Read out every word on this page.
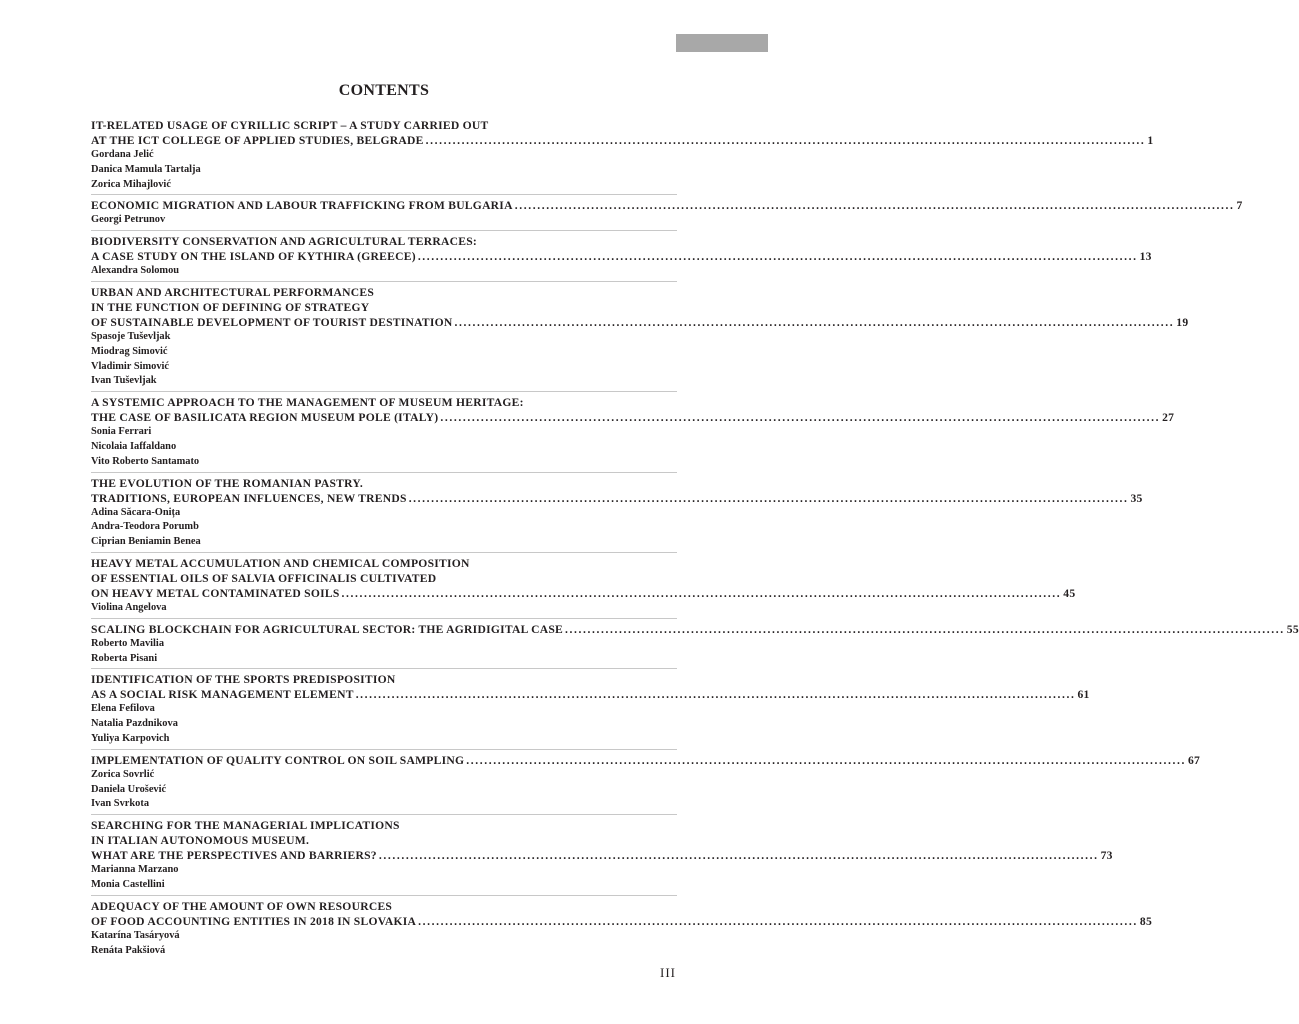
CONTENTS
IT-RELATED USAGE OF CYRILLIC SCRIPT – A STUDY CARRIED OUT
AT THE ICT COLLEGE OF APPLIED STUDIES, BELGRADE ................................................................................................................................................................ 1
Gordana Jelić
Danica Mamula Tartalja
Zorica Mihajlović
ECONOMIC MIGRATION AND LABOUR TRAFFICKING FROM BULGARIA ................................................................................................................................................................ 7
Georgi Petrunov
BIODIVERSITY CONSERVATION AND AGRICULTURAL TERRACES:
A CASE STUDY ON THE ISLAND OF KYTHIRA (GREECE) ................................................................................................................................................................ 13
Alexandra Solomou
URBAN AND ARCHITECTURAL PERFORMANCES
IN THE FUNCTION OF DEFINING OF STRATEGY
OF SUSTAINABLE DEVELOPMENT OF TOURIST DESTINATION ................................................................................................................................................................ 19
Spasoje Tuševljak
Miodrag Simović
Vladimir Simović
Ivan Tuševljak
A SYSTEMIC APPROACH TO THE MANAGEMENT OF MUSEUM HERITAGE:
THE CASE OF BASILICATA REGION MUSEUM POLE (ITALY) ................................................................................................................................................................ 27
Sonia Ferrari
Nicolaia Iaffaldano
Vito Roberto Santamato
THE EVOLUTION OF THE ROMANIAN PASTRY.
TRADITIONS, EUROPEAN INFLUENCES, NEW TRENDS ................................................................................................................................................................ 35
Adina Săcara-Onița
Andra-Teodora Porumb
Ciprian Beniamin Benea
HEAVY METAL ACCUMULATION AND CHEMICAL COMPOSITION
OF ESSENTIAL OILS OF SALVIA OFFICINALIS CULTIVATED
ON HEAVY METAL CONTAMINATED SOILS ................................................................................................................................................................ 45
Violina Angelova
SCALING BLOCKCHAIN FOR AGRICULTURAL SECTOR: THE AGRIDIGITAL CASE ................................................................................................................................................................ 55
Roberto Mavilia
Roberta Pisani
IDENTIFICATION OF THE SPORTS PREDISPOSITION
AS A SOCIAL RISK MANAGEMENT ELEMENT ................................................................................................................................................................ 61
Elena Fefilova
Natalia Pazdnikova
Yuliya Karpovich
IMPLEMENTATION OF QUALITY CONTROL ON SOIL SAMPLING ................................................................................................................................................................ 67
Zorica Sovrlić
Daniela Urošević
Ivan Svrkota
SEARCHING FOR THE MANAGERIAL IMPLICATIONS
IN ITALIAN AUTONOMOUS MUSEUM.
WHAT ARE THE PERSPECTIVES AND BARRIERS? ................................................................................................................................................................ 73
Marianna Marzano
Monia Castellini
ADEQUACY OF THE AMOUNT OF OWN RESOURCES
OF FOOD ACCOUNTING ENTITIES IN 2018 IN SLOVAKIA ................................................................................................................................................................ 85
Katarína Tasáryová
Renáta Pakšiová
III
